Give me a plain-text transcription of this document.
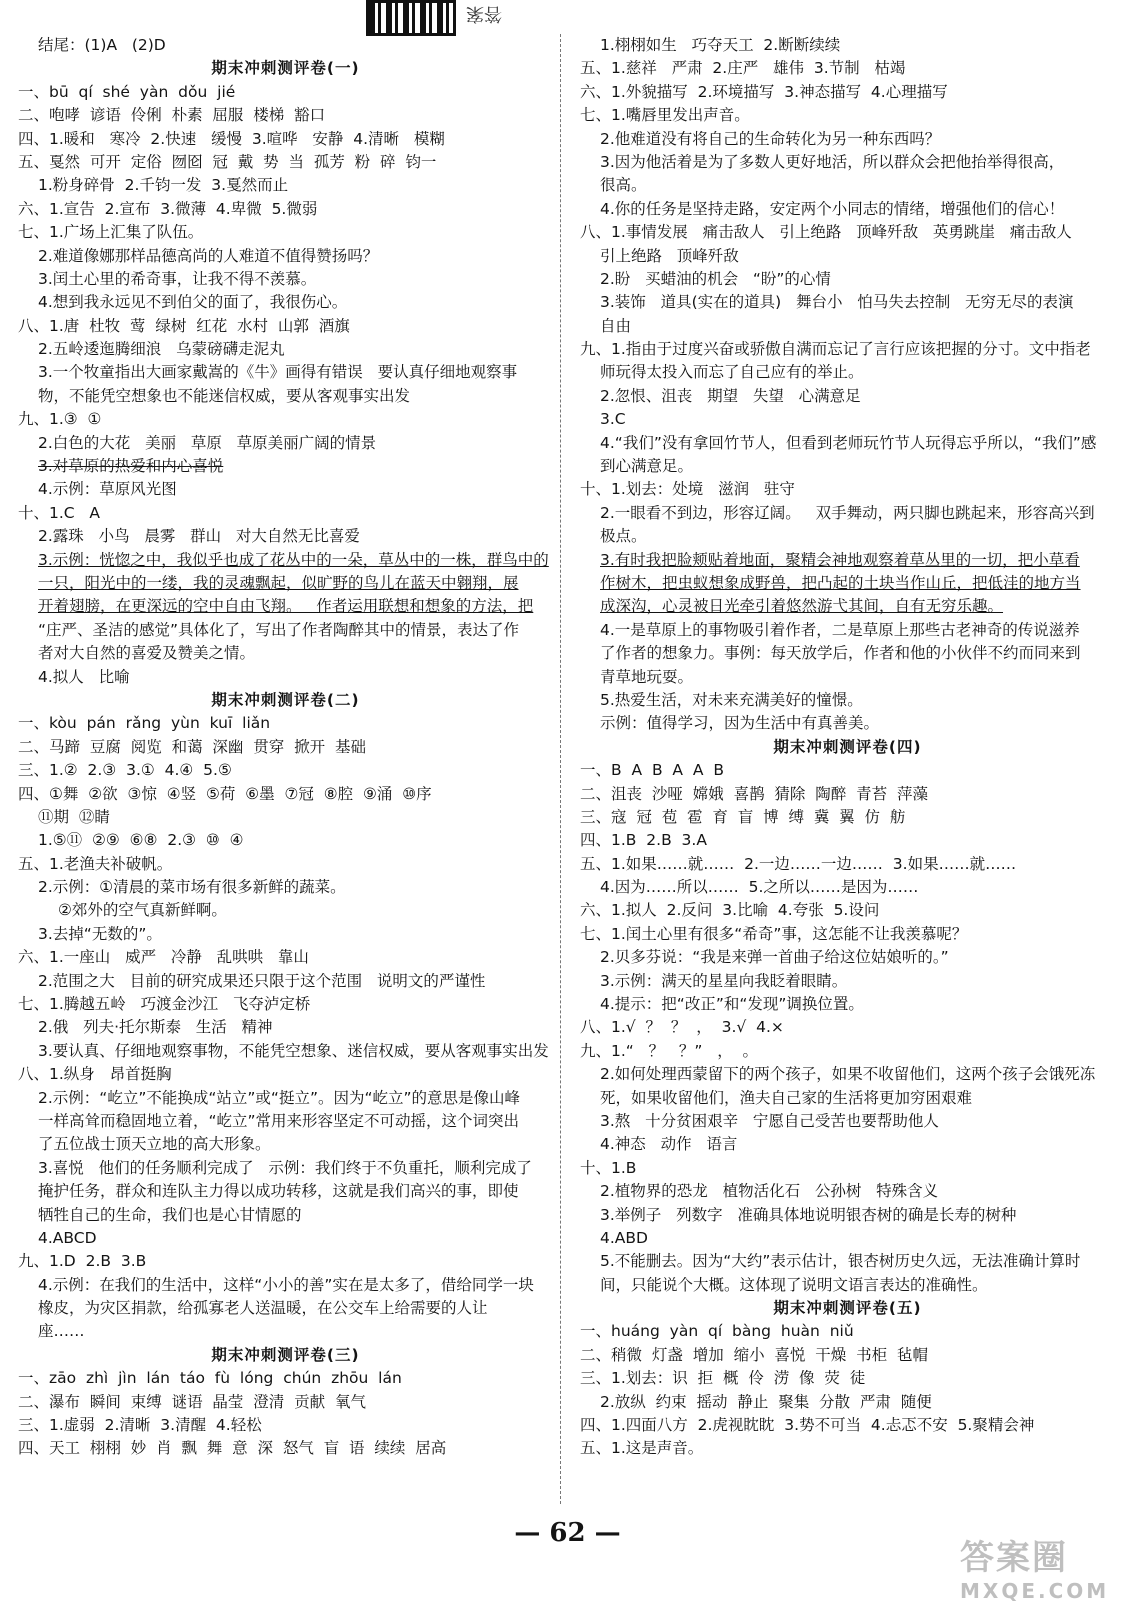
答案
结尾：(1)A   (2)D
期末冲刺测评卷(一)
一、bū  qí  shé  yàn  dǒu  jié
二、咆哮  谚语  伶俐  朴素  屈服  楼梯  豁口
四、1.暖和   寒冷  2.快速   缓慢  3.喧哗   安静  4.清晰   模糊
五、戛然  可开  定俗  囫囵  冠  戴  势  当  孤芳  粉  碎  钧一
1.粉身碎骨  2.千钧一发  3.戛然而止
六、1.宣告  2.宣布  3.微薄  4.卑微  5.微弱
七、1.广场上汇集了队伍。
2.难道像娜那样品德高尚的人难道不值得赞扬吗？
3.闰土心里的希奇事，让我不得不羡慕。
4.想到我永远见不到伯父的面了，我很伤心。
八、1.唐  杜牧  莺  绿树  红花  水村  山郭  酒旗
2.五岭逶迤腾细浪   乌蒙磅礴走泥丸
3.一个牧童指出大画家戴嵩的《牛》画得有错误   要认真仔细地观察事
物，不能凭空想象也不能迷信权威，要从客观事实出发
九、1.③  ①
2.白色的大花   美丽   草原   草原美丽广阔的情景
3.对草原的热爱和内心喜悦
4.示例：草原风光图
十、1.C   A
2.露珠   小鸟   晨雾   群山   对大自然无比喜爱
3.示例：恍惚之中，我似乎也成了花丛中的一朵，草丛中的一株，群鸟中的
一只，阳光中的一缕，我的灵魂飘起，似旷野的鸟儿在蓝天中翱翔，展
开着翅膀，在更深远的空中自由飞翔。   作者运用联想和想象的方法，把
“庄严、圣洁的感觉”具体化了，写出了作者陶醉其中的情景，表达了作
者对大自然的喜爱及赞美之情。
4.拟人   比喻
期末冲刺测评卷(二)
一、kòu  pán  rǎng  yùn  kuī  liǎn
二、马蹄  豆腐  阅览  和蔼  深幽  贯穿  掀开  基础
三、1.②  2.③  3.①  4.④  5.⑤
四、①舞  ②欲  ③惊  ④竖  ⑤荷  ⑥墨  ⑦冠  ⑧腔  ⑨涌  ⑩序
⑪期  ⑫睛
1.⑤⑪  ②⑨  ⑥⑧  2.③  ⑩  ④
五、1.老渔夫补破帆。
2.示例：①清晨的菜市场有很多新鲜的蔬菜。
②郊外的空气真新鲜啊。
3.去掉“无数的”。
六、1.一座山   威严   冷静   乱哄哄   靠山
2.范围之大   目前的研究成果还只限于这个范围   说明文的严谨性
七、1.腾越五岭   巧渡金沙江   飞夺泸定桥
2.俄   列夫·托尔斯泰   生活   精神
3.要认真、仔细地观察事物，不能凭空想象、迷信权威，要从客观事实出发
八、1.纵身   昂首挺胸
2.示例：“屹立”不能换成“站立”或“挺立”。因为“屹立”的意思是像山峰
一样高耸而稳固地立着，“屹立”常用来形容坚定不可动摇，这个词突出
了五位战士顶天立地的高大形象。
3.喜悦   他们的任务顺利完成了   示例：我们终于不负重托，顺利完成了
掩护任务，群众和连队主力得以成功转移，这就是我们高兴的事，即使
牺牲自己的生命，我们也是心甘情愿的
4.ABCD
九、1.D  2.B  3.B
4.示例：在我们的生活中，这样“小小的善”实在是太多了，借给同学一块
橡皮，为灾区捐款，给孤寡老人送温暖，在公交车上给需要的人让
座……
期末冲刺测评卷(三)
一、zāo  zhì  jìn  lán  táo  fù  lóng  chún  zhōu  lán
二、瀑布  瞬间  束缚  谜语  晶莹  澄清  贡献  氧气
三、1.虚弱  2.清晰  3.清醒  4.轻松
四、天工  栩栩  妙  肖  飘  舞  意  深  怒气  盲  语  续续  居高
1.栩栩如生   巧夺天工  2.断断续续
五、1.慈祥   严肃  2.庄严   雄伟  3.节制   枯竭
六、1.外貌描写  2.环境描写  3.神态描写  4.心理描写
七、1.嘴唇里发出声音。
2.他难道没有将自己的生命转化为另一种东西吗？
3.因为他活着是为了多数人更好地活，所以群众会把他抬举得很高，
很高。
4.你的任务是坚持走路，安定两个小同志的情绪，增强他们的信心！
八、1.事情发展   痛击敌人   引上绝路   顶峰歼敌   英勇跳崖   痛击敌人
引上绝路   顶峰歼敌
2.盼   买蜡油的机会   “盼”的心情
3.装饰   道具(实在的道具)   舞台小   怕马失去控制   无穷无尽的表演
自由
九、1.指由于过度兴奋或骄傲自满而忘记了言行应该把握的分寸。文中指老
师玩得太投入而忘了自己应有的举止。
2.忽恨、沮丧   期望   失望   心满意足
3.C
4.“我们”没有拿回竹节人，但看到老师玩竹节人玩得忘乎所以，“我们”感
到心满意足。
十、1.划去：处境   滋润   驻守
2.一眼看不到边，形容辽阔。   双手舞动，两只脚也跳起来，形容高兴到
极点。
3.有时我把脸颊贴着地面，聚精会神地观察着草丛里的一切，把小草看
作树木，把虫蚁想象成野兽，把凸起的土块当作山丘，把低洼的地方当
成深沟，心灵被日光牵引着悠然游弋其间，自有无穷乐趣。
4.一是草原上的事物吸引着作者，二是草原上那些古老神奇的传说滋养
了作者的想象力。事例：每天放学后，作者和他的小伙伴不约而同来到
青草地玩耍。
5.热爱生活，对未来充满美好的憧憬。
示例：值得学习，因为生活中有真善美。
期末冲刺测评卷(四)
一、B  A  B  A  A  B
二、沮丧  沙哑  嫦娥  喜鹊  猜除  陶醉  青苔  萍藻
三、寇  冠  苞  雹  育  盲  博  缚  冀  翼  仿  舫
四、1.B  2.B  3.A
五、1.如果……就……  2.一边……一边……  3.如果……就……
4.因为……所以……  5.之所以……是因为……
六、1.拟人  2.反问  3.比喻  4.夸张  5.设问
七、1.闰土心里有很多“希奇”事，这怎能不让我羡慕呢？
2.贝多芬说：“我是来弹一首曲子给这位姑娘听的。”
3.示例：满天的星星向我眨着眼睛。
4.提示：把“改正”和“发现”调换位置。
八、1.√  ？  ？  ，  3.√  4.×
九、1.“   ？   ？”   ，  。
2.如何处理西蒙留下的两个孩子，如果不收留他们，这两个孩子会饿死冻
死，如果收留他们，渔夫自己家的生活将更加穷困艰难
3.熬   十分贫困艰辛   宁愿自己受苦也要帮助他人
4.神态   动作   语言
十、1.B
2.植物界的恐龙   植物活化石   公孙树   特殊含义
3.举例子   列数字   准确具体地说明银杏树的确是长寿的树种
4.ABD
5.不能删去。因为“大约”表示估计，银杏树历史久远，无法准确计算时
间，只能说个大概。这体现了说明文语言表达的准确性。
期末冲刺测评卷(五)
一、huáng  yàn  qí  bàng  huàn  niǔ
二、稍微  灯盏  增加  缩小  喜悦  干燥  书柜  毡帽
三、1.划去：识  拒  概  伶  涝  像  荧  徒
2.放纵  约束  摇动  静止  聚集  分散  严肃  随便
四、1.四面八方  2.虎视眈眈  3.势不可当  4.忐忑不安  5.聚精会神
五、1.这是声音。
— 62 —
答案圈
MXQE.COM
